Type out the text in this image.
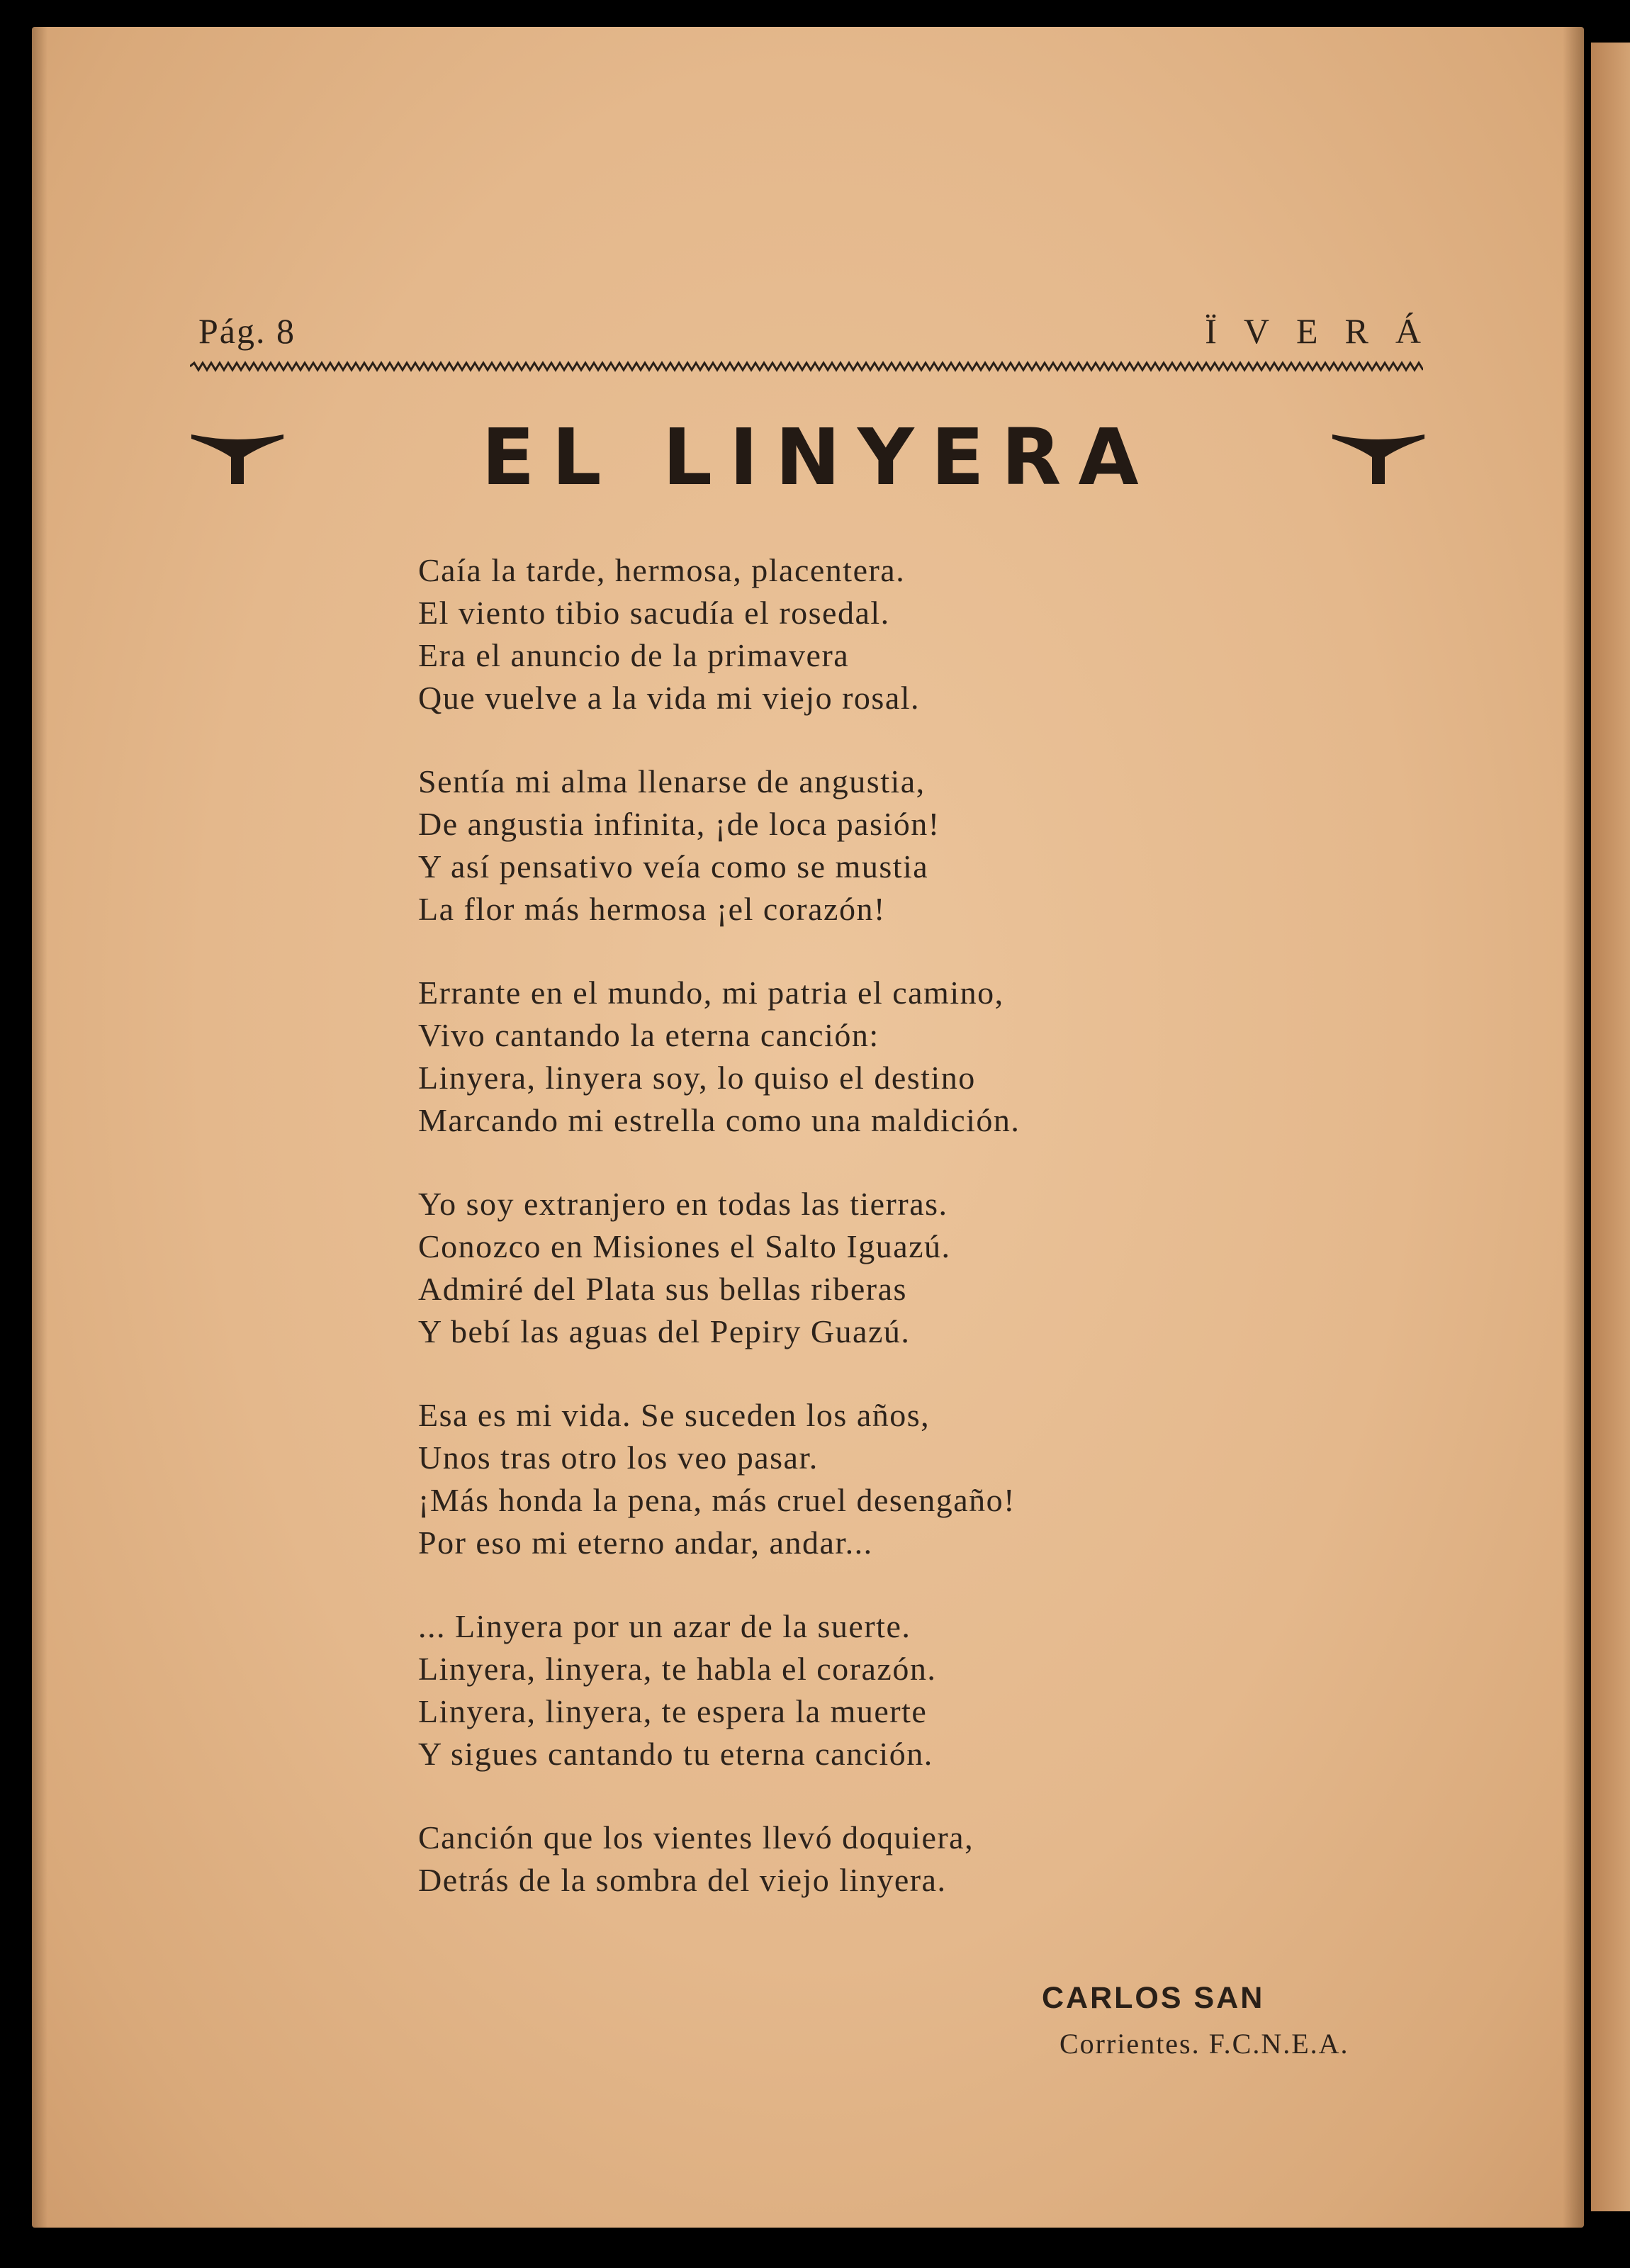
Pág. 8	ÏVERÁ
EL LINYERA
Caía la tarde, hermosa, placentera.
El viento tibio sacudía el rosedal.
Era el anuncio de la primavera
Que vuelve a la vida mi viejo rosal.
Sentía mi alma llenarse de angustia,
De angustia infinita, ¡de loca pasión!
Y así pensativo veía como se mustia
La flor más hermosa ¡el corazón!
Errante en el mundo, mi patria el camino,
Vivo cantando la eterna canción:
Linyera, linyera soy, lo quiso el destino
Marcando mi estrella como una maldición.
Yo soy extranjero en todas las tierras.
Conozco en Misiones el Salto Iguazú.
Admiré del Plata sus bellas riberas
Y bebí las aguas del Pepiry Guazú.
Esa es mi vida. Se suceden los años,
Unos tras otro los veo pasar.
¡Más honda la pena, más cruel desengaño!
Por eso mi eterno andar, andar...
... Linyera por un azar de la suerte.
Linyera, linyera, te habla el corazón.
Linyera, linyera, te espera la muerte
Y sigues cantando tu eterna canción.
Canción que los vientes llevó doquiera,
Detrás de la sombra del viejo linyera.
CARLOS SAN
Corrientes. F.C.N.E.A.
